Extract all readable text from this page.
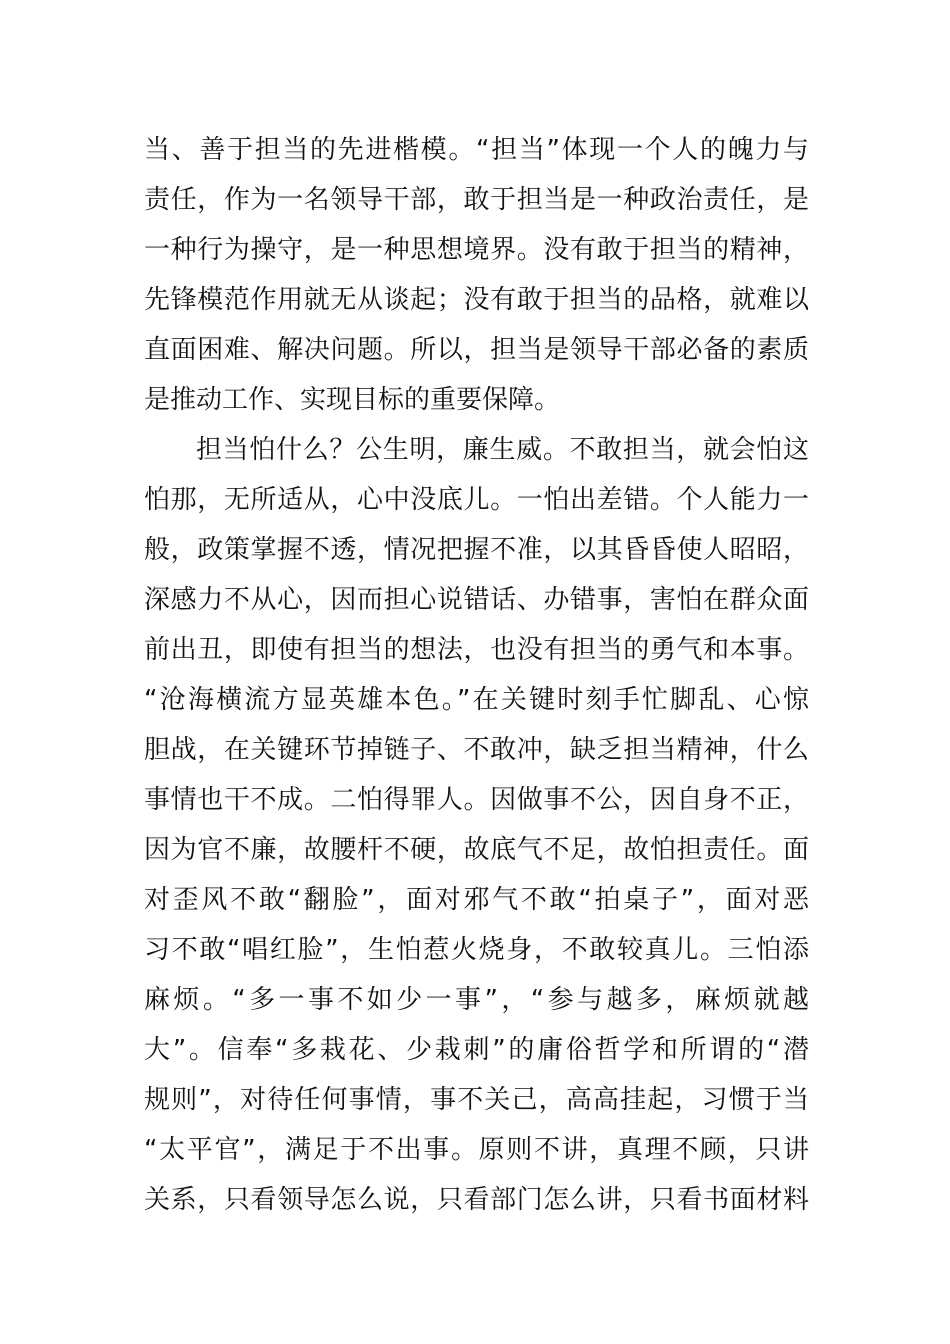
当、善于担当的先进楷模。“担当”体现一个人的魄力与
责任，作为一名领导干部，敢于担当是一种政治责任，是
一种行为操守，是一种思想境界。没有敢于担当的精神，
先锋模范作用就无从谈起；没有敢于担当的品格，就难以
直面困难、解决问题。所以，担当是领导干部必备的素质
是推动工作、实现目标的重要保障。
担当怕什么？公生明，廉生威。不敢担当，就会怕这
怕那，无所适从，心中没底儿。一怕出差错。个人能力一
般，政策掌握不透，情况把握不准，以其昏昏使人昭昭，
深感力不从心，因而担心说错话、办错事，害怕在群众面
前出丑，即使有担当的想法，也没有担当的勇气和本事。
“沧海横流方显英雄本色。”在关键时刻手忙脚乱、心惊
胆战，在关键环节掉链子、不敢冲，缺乏担当精神，什么
事情也干不成。二怕得罪人。因做事不公，因自身不正，
因为官不廉，故腰杆不硬，故底气不足，故怕担责任。面
对歪风不敢“翻脸”，面对邪气不敢“拍桌子”，面对恶
习不敢“唱红脸”，生怕惹火烧身，不敢较真儿。三怕添
麻烦。“多一事不如少一事”，“参与越多，麻烦就越
大”。信奉“多栽花、少栽刺”的庸俗哲学和所谓的“潜
规则”，对待任何事情，事不关己，高高挂起，习惯于当
“太平官”，满足于不出事。原则不讲，真理不顾，只讲
关系，只看领导怎么说，只看部门怎么讲，只看书面材料
